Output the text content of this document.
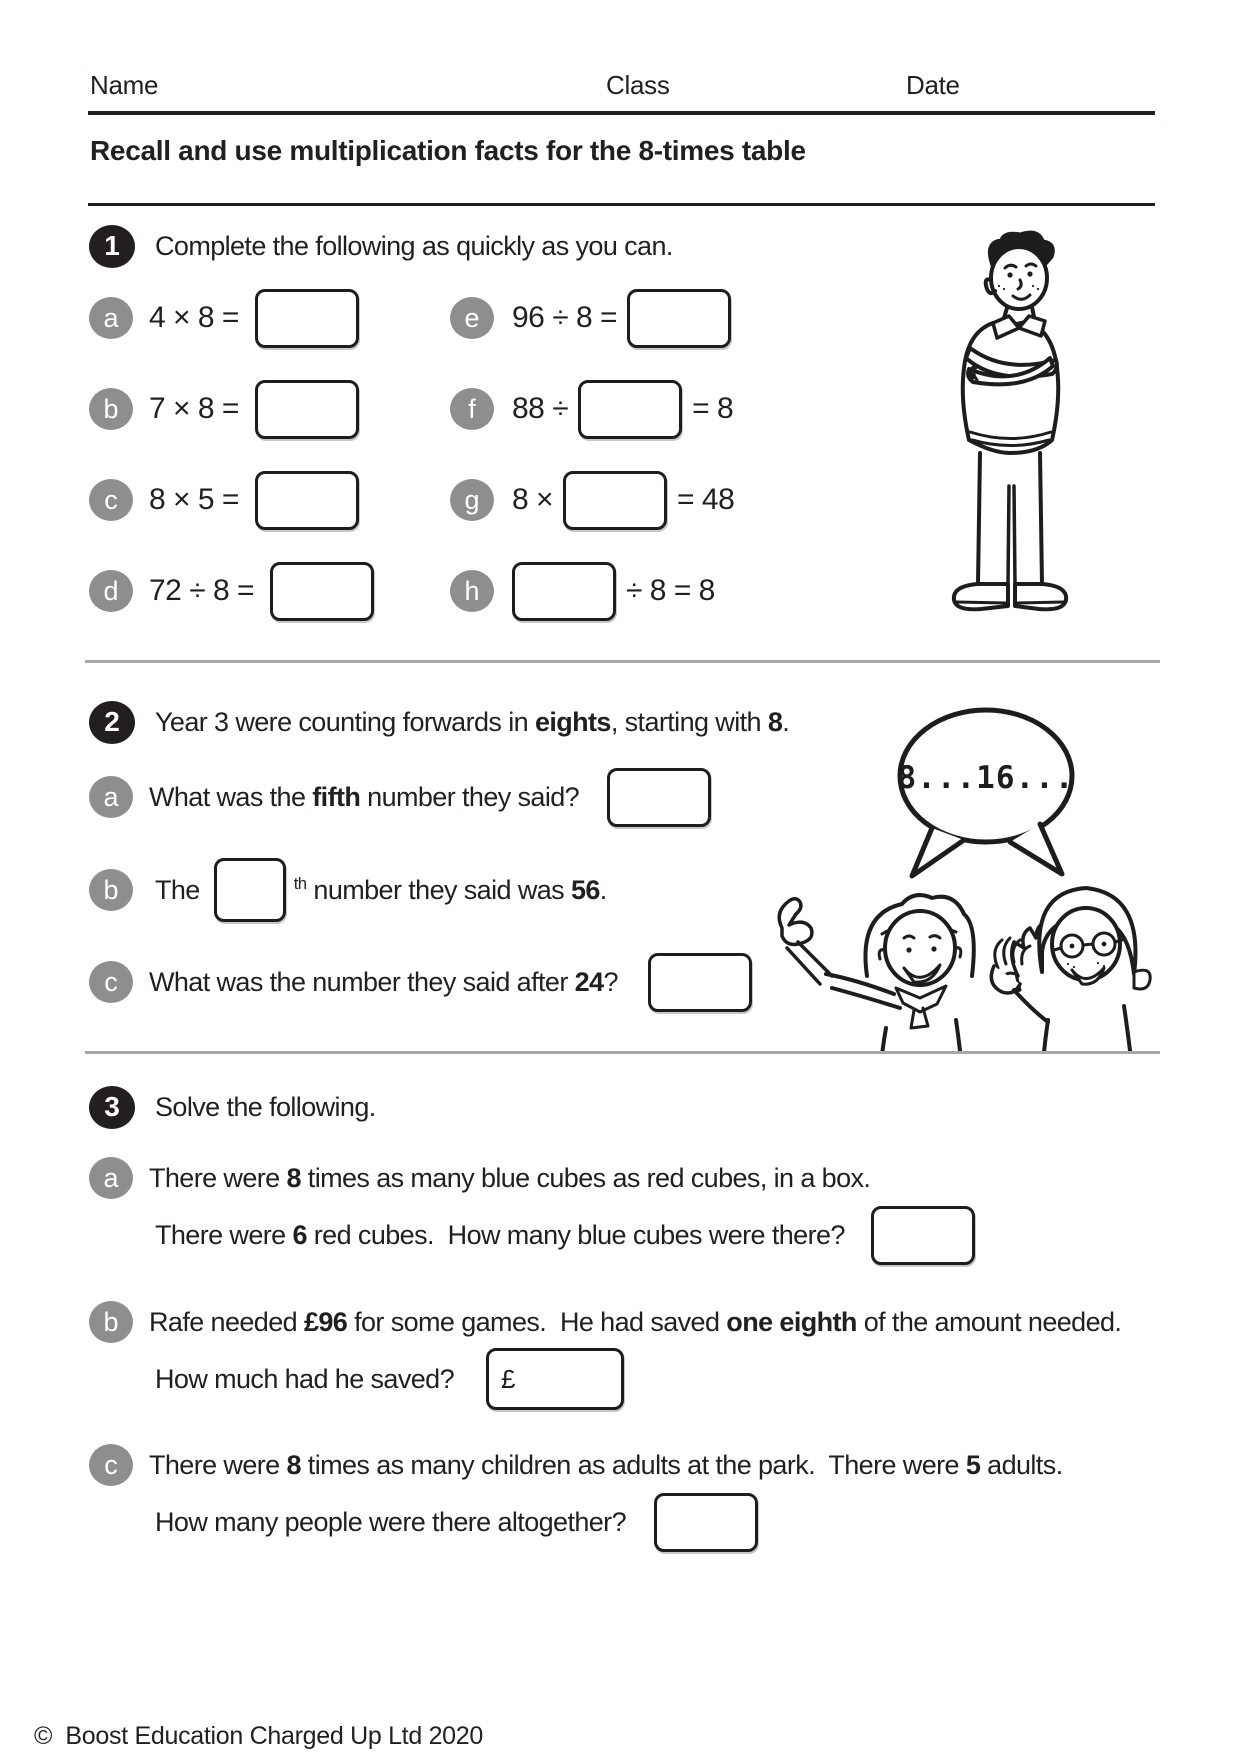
Name	Class	Date
Recall and use multiplication facts for the 8-times table
1	Complete the following as quickly as you can.
a	4 × 8 =
b	7 × 8 =
c	8 × 5 =
d	72 ÷ 8 =
e	96 ÷ 8 =
f	88 ÷	= 8
g	8 ×	= 48
h	÷ 8 = 8
2	Year 3 were counting forwards in eights, starting with 8.
a	What was the fifth number they said?
b	The	$^{th}$ number they said was 56.
c	What was the number they said after 24?
8...16...
3	Solve the following.
a	There were 8 times as many blue cubes as red cubes, in a box.
There were 6 red cubes.  How many blue cubes were there?
b	Rafe needed £96 for some games.  He had saved one eighth of the amount needed.
How much had he saved?	£
c	There were 8 times as many children as adults at the park.  There were 5 adults.
How many people were there altogether?
©  Boost Education Charged Up Ltd 2020
